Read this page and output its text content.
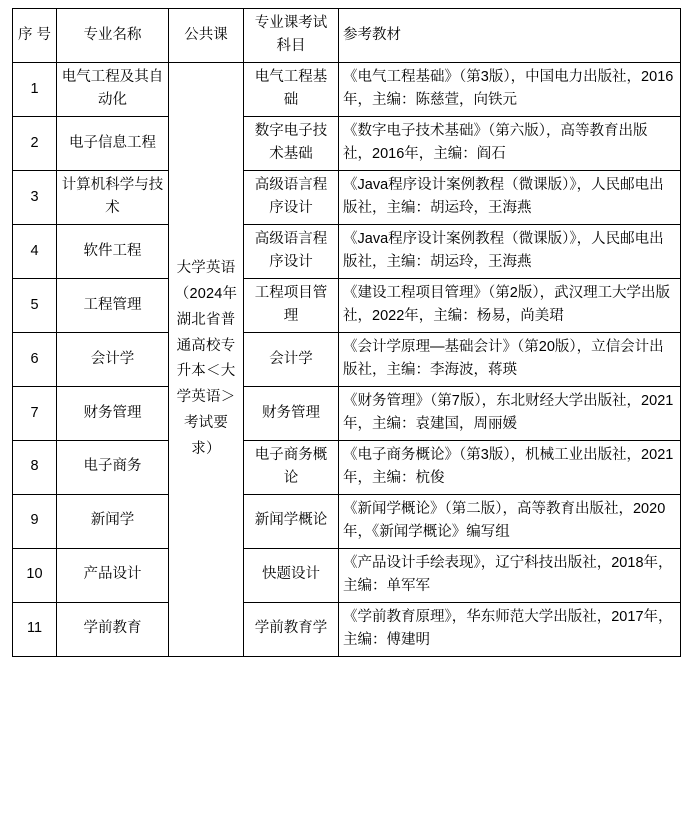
序 号	专业名称	公共课	专业课考试科目	参考教材
1	电气工程及其自动化	大学英语（2024年湖北省普通高校专升本＜大学英语＞考试要求）	电气工程基础	《电气工程基础》（第3版），中国电力出版社，2016年，主编：陈慈萱，向铁元
2	电子信息工程		数字电子技术基础	《数字电子技术基础》（第六版），高等教育出版社，2016年，主编：阎石
3	计算机科学与技术		高级语言程序设计	《Java程序设计案例教程（微课版）》，人民邮电出版社，主编：胡运玲，王海燕
4	软件工程		高级语言程序设计	《Java程序设计案例教程（微课版）》，人民邮电出版社，主编：胡运玲，王海燕
5	工程管理		工程项目管理	《建设工程项目管理》（第2版），武汉理工大学出版社，2022年，主编：杨易，尚美珺
6	会计学		会计学	《会计学原理—基础会计》（第20版），立信会计出版社，主编：李海波，蒋瑛
7	财务管理		财务管理	《财务管理》（第7版），东北财经大学出版社，2021年，主编：袁建国，周丽媛
8	电子商务		电子商务概论	《电子商务概论》（第3版），机械工业出版社，2021年，主编：杭俊
9	新闻学		新闻学概论	《新闻学概论》（第二版），高等教育出版社，2020年，《新闻学概论》编写组
10	产品设计		快题设计	《产品设计手绘表现》，辽宁科技出版社，2018年，主编：单军军
11	学前教育		学前教育学	《学前教育原理》，华东师范大学出版社，2017年，主编：傅建明
